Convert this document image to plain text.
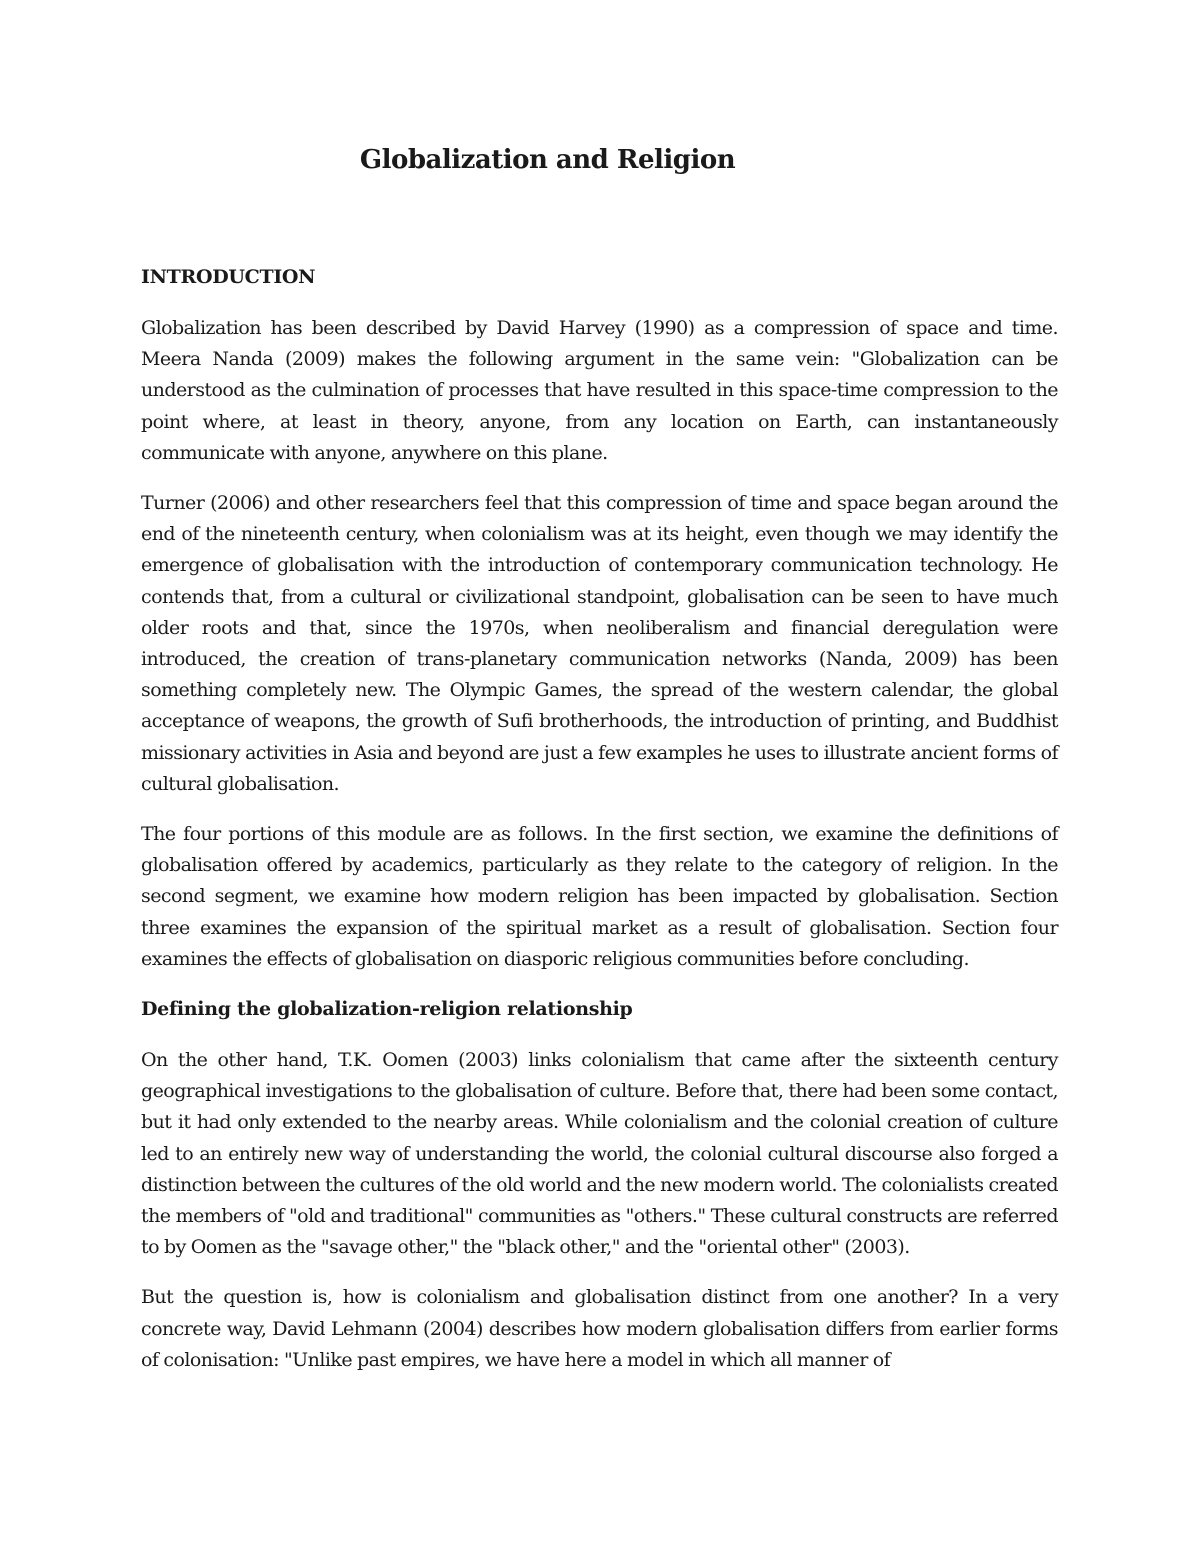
Globalization and Religion
INTRODUCTION

Globalization has been described by David Harvey (1990) as a compression of space and time. Meera Nanda (2009) makes the following argument in the same vein: "Globalization can be understood as the culmination of processes that have resulted in this space-time compression to the point where, at least in theory, anyone, from any location on Earth, can instantaneously communicate with anyone, anywhere on this plane.

Turner (2006) and other researchers feel that this compression of time and space began around the end of the nineteenth century, when colonialism was at its height, even though we may identify the emergence of globalisation with the introduction of contemporary communication technology. He contends that, from a cultural or civilizational standpoint, globalisation can be seen to have much older roots and that, since the 1970s, when neoliberalism and financial deregulation were introduced, the creation of trans-planetary communication networks (Nanda, 2009) has been something completely new. The Olympic Games, the spread of the western calendar, the global acceptance of weapons, the growth of Sufi brotherhoods, the introduction of printing, and Buddhist missionary activities in Asia and beyond are just a few examples he uses to illustrate ancient forms of cultural globalisation.

The four portions of this module are as follows. In the first section, we examine the definitions of globalisation offered by academics, particularly as they relate to the category of religion. In the second segment, we examine how modern religion has been impacted by globalisation. Section three examines the expansion of the spiritual market as a result of globalisation. Section four examines the effects of globalisation on diasporic religious communities before concluding.

Defining the globalization-religion relationship

On the other hand, T.K. Oomen (2003) links colonialism that came after the sixteenth century geographical investigations to the globalisation of culture. Before that, there had been some contact, but it had only extended to the nearby areas. While colonialism and the colonial creation of culture led to an entirely new way of understanding the world, the colonial cultural discourse also forged a distinction between the cultures of the old world and the new modern world. The colonialists created the members of "old and traditional" communities as "others." These cultural constructs are referred to by Oomen as the "savage other," the "black other," and the "oriental other" (2003).

But the question is, how is colonialism and globalisation distinct from one another? In a very concrete way, David Lehmann (2004) describes how modern globalisation differs from earlier forms of colonisation: "Unlike past empires, we have here a model in which all manner of
